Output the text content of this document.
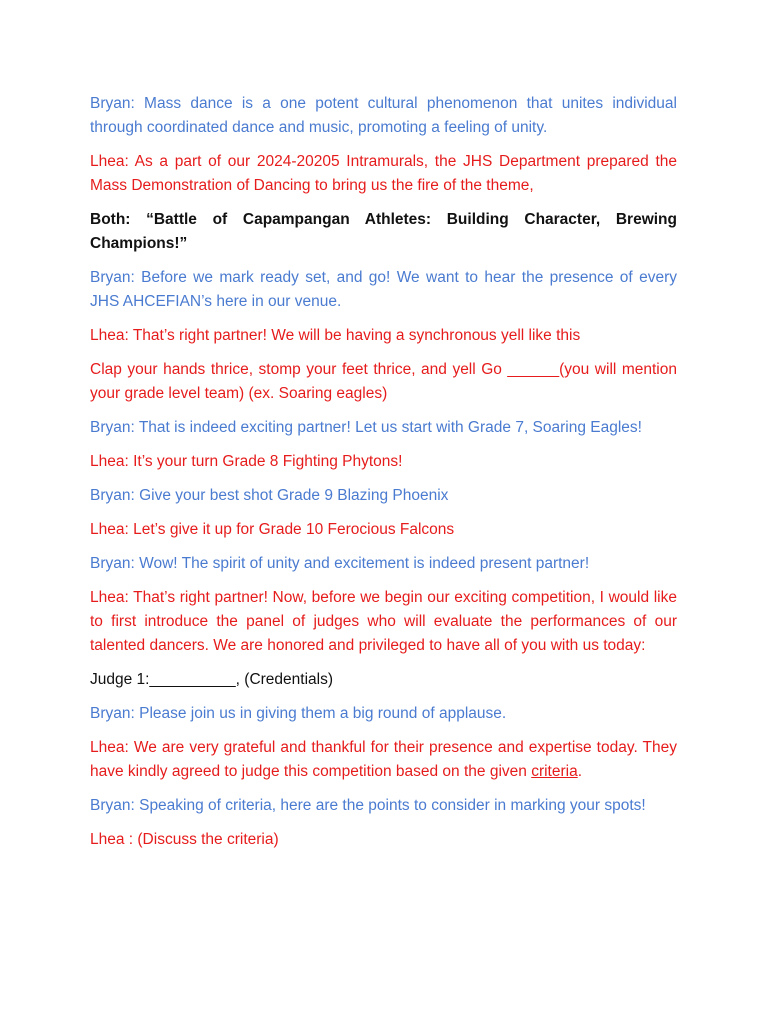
Bryan: Mass dance is a one potent cultural phenomenon that unites individual through coordinated dance and music, promoting a feeling of unity.

Lhea: As a part of our 2024-20205 Intramurals, the JHS Department prepared the Mass Demonstration of Dancing to bring us the fire of the theme,

Both: “Battle of Capampangan Athletes: Building Character, Brewing Champions!”

Bryan: Before we mark ready set, and go! We want to hear the presence of every JHS AHCEFIAN’s here in our venue.

Lhea: That’s right partner! We will be having a synchronous yell like this

Clap your hands thrice, stomp your feet thrice, and yell Go ______(you will mention your grade level team) (ex. Soaring eagles)

Bryan: That is indeed exciting partner! Let us start with Grade 7, Soaring Eagles!

Lhea: It’s your turn Grade 8 Fighting Phytons!

Bryan: Give your best shot Grade 9 Blazing Phoenix

Lhea: Let’s give it up for Grade 10 Ferocious Falcons

Bryan: Wow! The spirit of unity and excitement is indeed present partner!

Lhea: That’s right partner! Now, before we begin our exciting competition, I would like to first introduce the panel of judges who will evaluate the performances of our talented dancers. We are honored and privileged to have all of you with us today:

Judge 1:__________, (Credentials)

Bryan: Please join us in giving them a big round of applause.

Lhea: We are very grateful and thankful for their presence and expertise today. They have kindly agreed to judge this competition based on the given criteria.

Bryan: Speaking of criteria, here are the points to consider in marking your spots!

Lhea : (Discuss the criteria)
